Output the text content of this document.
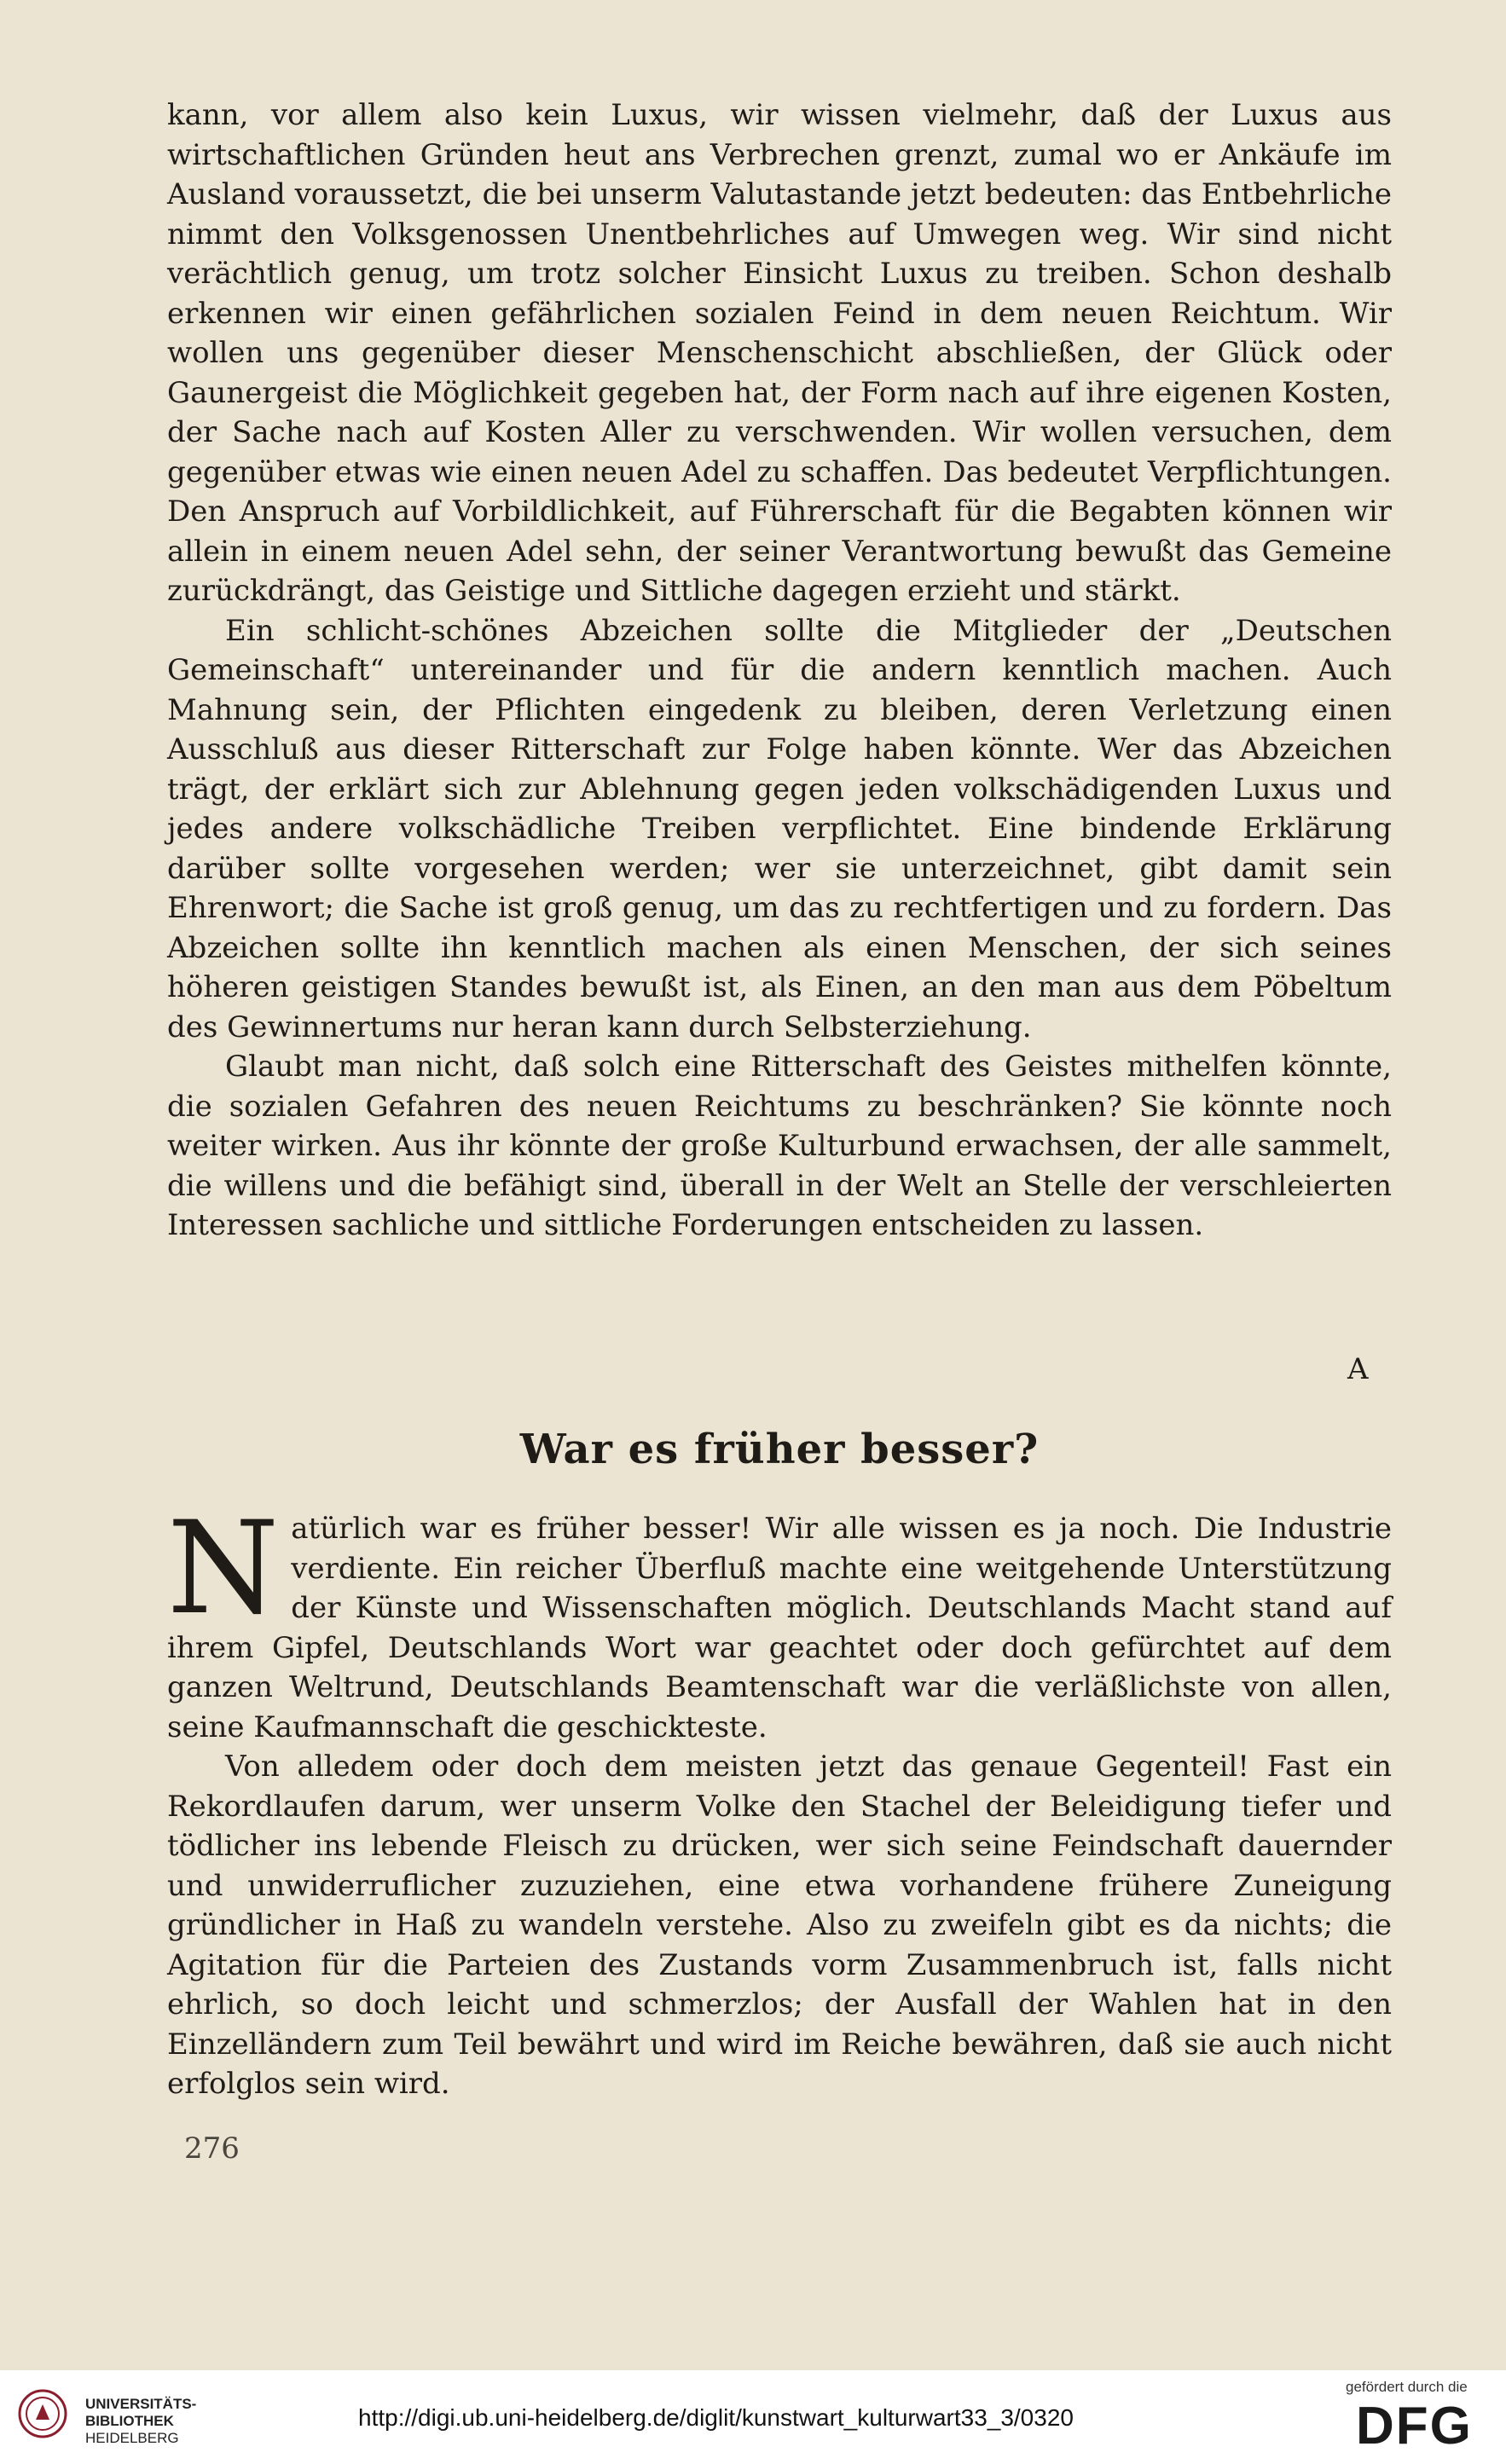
kann, vor allem also kein Luxus, wir wissen vielmehr, daß der Luxus aus wirtschaftlichen Gründen heut ans Verbrechen grenzt, zumal wo er Ankäufe im Ausland voraussetzt, die bei unserm Valutastande jetzt bedeuten: das Entbehrliche nimmt den Volksgenossen Unentbehrliches auf Umwegen weg. Wir sind nicht verächtlich genug, um trotz solcher Einsicht Luxus zu treiben. Schon deshalb erkennen wir einen gefährlichen sozialen Feind in dem neuen Reichtum. Wir wollen uns gegenüber dieser Menschenschicht abschließen, der Glück oder Gaunergeist die Möglichkeit gegeben hat, der Form nach auf ihre eigenen Kosten, der Sache nach auf Kosten Aller zu verschwenden. Wir wollen versuchen, dem gegenüber etwas wie einen neuen Adel zu schaffen. Das bedeutet Verpflichtungen. Den Anspruch auf Vorbildlichkeit, auf Führerschaft für die Begabten können wir allein in einem neuen Adel sehn, der seiner Verantwortung bewußt das Gemeine zurückdrängt, das Geistige und Sittliche dagegen erzieht und stärkt.

Ein schlicht-schönes Abzeichen sollte die Mitglieder der „Deutschen Gemeinschaft“ untereinander und für die andern kenntlich machen. Auch Mahnung sein, der Pflichten eingedenk zu bleiben, deren Verletzung einen Ausschluß aus dieser Ritterschaft zur Folge haben könnte. Wer das Abzeichen trägt, der erklärt sich zur Ablehnung gegen jeden volkschädigenden Luxus und jedes andere volkschädliche Treiben verpflichtet. Eine bindende Erklärung darüber sollte vorgesehen werden; wer sie unterzeichnet, gibt damit sein Ehrenwort; die Sache ist groß genug, um das zu rechtfertigen und zu fordern. Das Abzeichen sollte ihn kenntlich machen als einen Menschen, der sich seines höheren geistigen Standes bewußt ist, als Einen, an den man aus dem Pöbeltum des Gewinnertums nur heran kann durch Selbsterziehung.

Glaubt man nicht, daß solch eine Ritterschaft des Geistes mithelfen könnte, die sozialen Gefahren des neuen Reichtums zu beschränken? Sie könnte noch weiter wirken. Aus ihr könnte der große Kulturbund erwachsen, der alle sammelt, die willens und die befähigt sind, überall in der Welt an Stelle der verschleierten Interessen sachliche und sittliche Forderungen entscheiden zu lassen.

A
War es früher besser?

Natürlich war es früher besser! Wir alle wissen es ja noch. Die Industrie verdiente. Ein reicher Überfluß machte eine weitgehende Unterstützung der Künste und Wissenschaften möglich. Deutschlands Macht stand auf ihrem Gipfel, Deutschlands Wort war geachtet oder doch gefürchtet auf dem ganzen Weltrund, Deutschlands Beamtenschaft war die verläßlichste von allen, seine Kaufmannschaft die geschickteste.

Von alledem oder doch dem meisten jetzt das genaue Gegenteil! Fast ein Rekordlaufen darum, wer unserm Volke den Stachel der Beleidigung tiefer und tödlicher ins lebende Fleisch zu drücken, wer sich seine Feindschaft dauernder und unwiderruflicher zuzuziehen, eine etwa vorhandene frühere Zuneigung gründlicher in Haß zu wandeln verstehe. Also zu zweifeln gibt es da nichts; die Agitation für die Parteien des Zustands vorm Zusammenbruch ist, falls nicht ehrlich, so doch leicht und schmerzlos; der Ausfall der Wahlen hat in den Einzelländern zum Teil bewährt und wird im Reiche bewähren, daß sie auch nicht erfolglos sein wird.

276
UNIVERSITÄTS-
BIBLIOTHEK
HEIDELBERG
http://digi.ub.uni-heidelberg.de/diglit/kunstwart_kulturwart33_3/0320
gefördert durch die
DFG
